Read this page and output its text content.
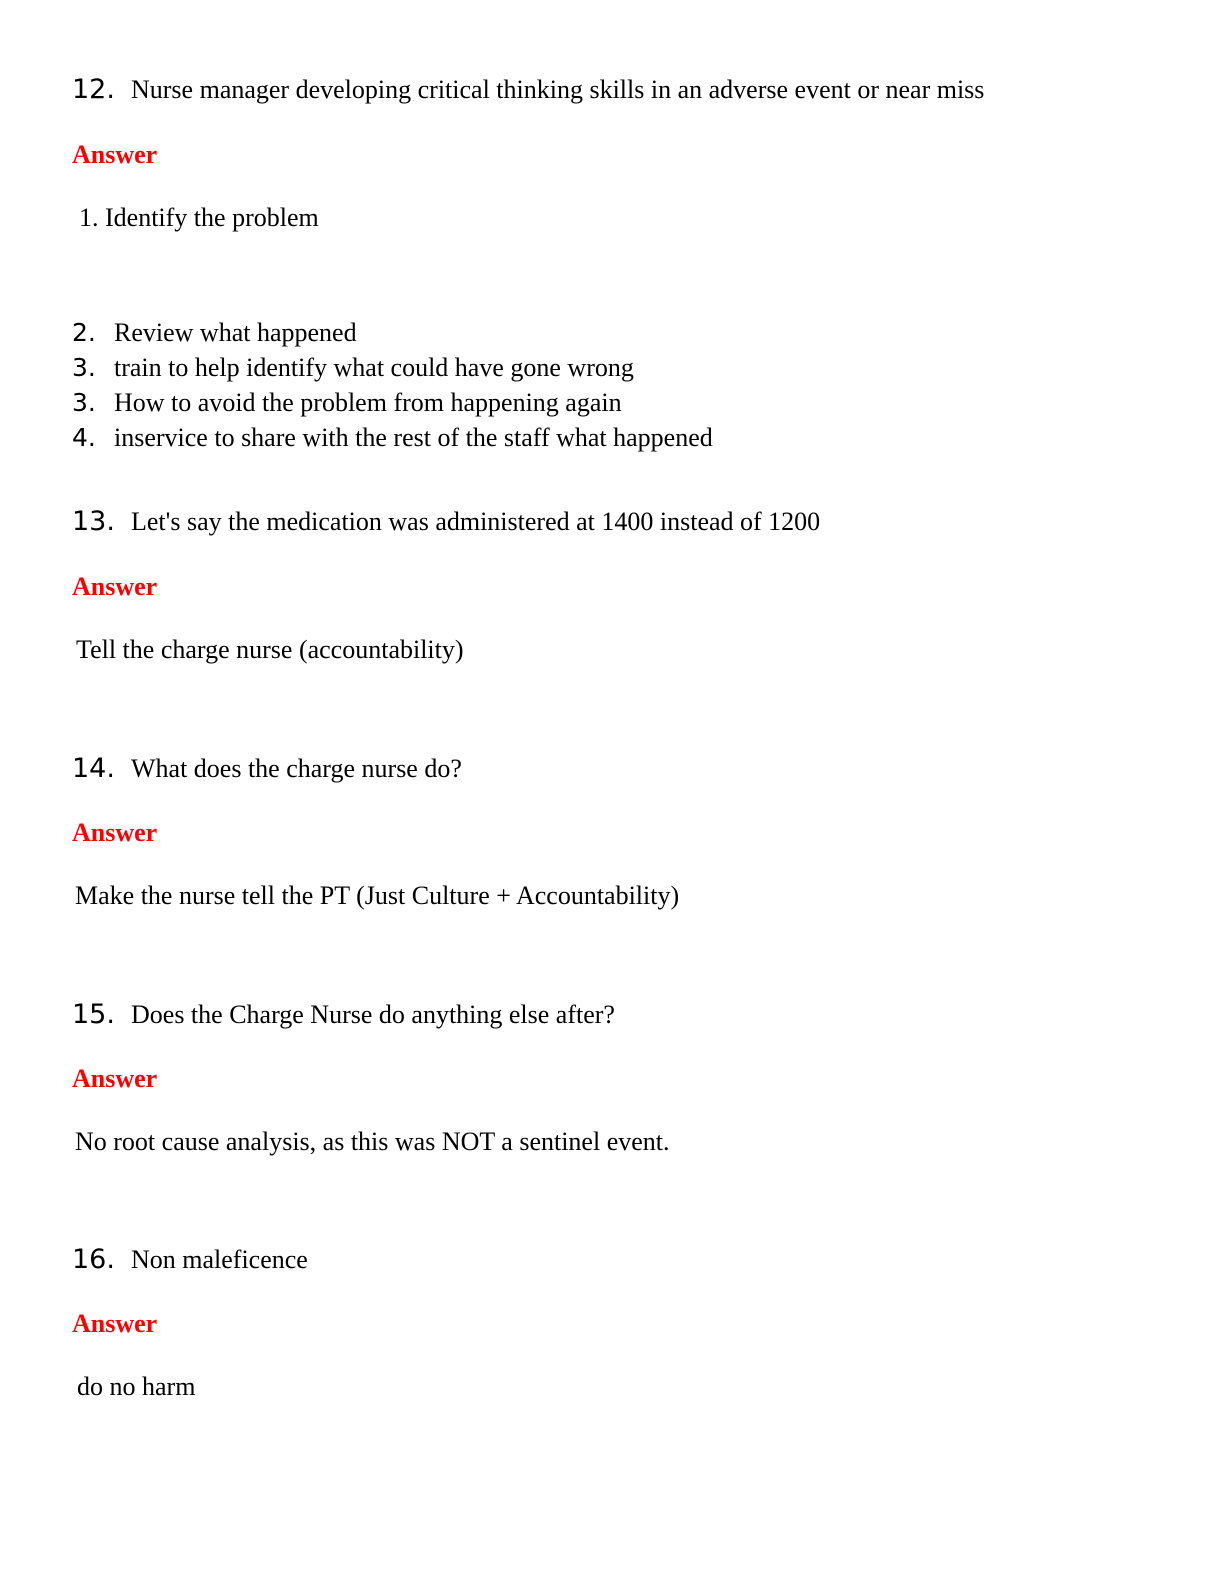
12. Nurse manager developing critical thinking skills in an adverse event or near miss
Answer
1. Identify the problem
2. Review what happened
3. train to help identify what could have gone wrong
3. How to avoid the problem from happening again
4. inservice to share with the rest of the staff what happened
13. Let's say the medication was administered at 1400 instead of 1200
Answer
Tell the charge nurse (accountability)
14. What does the charge nurse do?
Answer
Make the nurse tell the PT (Just Culture + Accountability)
15. Does the Charge Nurse do anything else after?
Answer
No root cause analysis, as this was NOT a sentinel event.
16. Non maleficence
Answer
do no harm
